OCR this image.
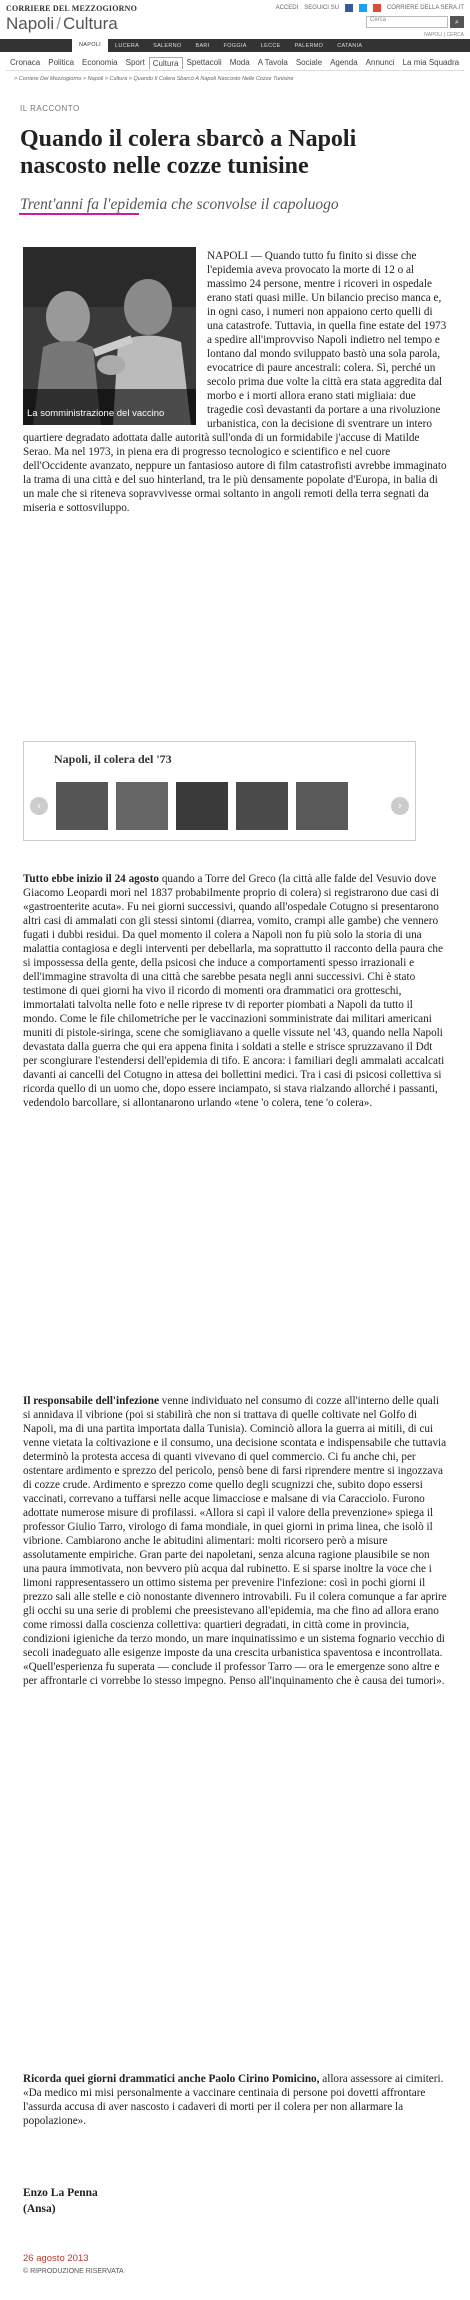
CORRIERE DEL MEZZOGIORNO
Napoli / Cultura
ACCEDI SEGUICI SU	CORRIERE DELLA SERA.IT
Cerca	⌕
NAPOLI | CERCA
NAPOLI	LUCERA	SALERNO	BARI	FOGGIA	LECCE	PALERMO	CATANIA
Cronaca	Politica	Economia	Sport	Cultura	Spettacoli	Moda	A Tavola	Sociale	Agenda	Annunci	La mia Squadra
> Corriere Del Mezzogiorno > Napoli > Cultura > Quando Il Colera Sbarcò A Napoli Nascosto Nelle Cozze Tunisine
IL RACCONTO
Quando il colera sbarcò a Napoli nascosto nelle cozze tunisine
Trent'anni fa l'epidemia che sconvolse il capoluogo
La somministrazione del vaccino
NAPOLI — Quando tutto fu finito si disse che l'epidemia aveva provocato la morte di 12 o al massimo 24 persone, mentre i ricoveri in ospedale erano stati quasi mille. Un bilancio preciso manca e, in ogni caso, i numeri non appaiono certo quelli di una catastrofe. Tuttavia, in quella fine estate del 1973 a spedire all'improvviso Napoli indietro nel tempo e lontano dal mondo sviluppato bastò una sola parola, evocatrice di paure ancestrali: colera. Sì, perché un secolo prima due volte la città era stata aggredita dal morbo e i morti allora erano stati migliaia: due tragedie così devastanti da portare a una rivoluzione urbanistica, con la decisione di sventrare un intero quartiere degradato adottata dalle autorità sull'onda di un formidabile j'accuse di Matilde Serao. Ma nel 1973, in piena era di progresso tecnologico e scientifico e nel cuore dell'Occidente avanzato, neppure un fantasioso autore di film catastrofisti avrebbe immaginato la trama di una città e del suo hinterland, tra le più densamente popolate d'Europa, in balia di un male che si riteneva sopravvivesse ormai soltanto in angoli remoti della terra segnati da miseria e sottosviluppo.
Napoli, il colera del '73
‹	›
Tutto ebbe inizio il 24 agosto quando a Torre del Greco (la città alle falde del Vesuvio dove Giacomo Leopardi morì nel 1837 probabilmente proprio di colera) si registrarono due casi di «gastroenterite acuta». Fu nei giorni successivi, quando all'ospedale Cotugno si presentarono altri casi di ammalati con gli stessi sintomi (diarrea, vomito, crampi alle gambe) che vennero fugati i dubbi residui. Da quel momento il colera a Napoli non fu più solo la storia di una malattia contagiosa e degli interventi per debellarla, ma soprattutto il racconto della paura che si impossessa della gente, della psicosi che induce a comportamenti spesso irrazionali e dell'immagine stravolta di una città che sarebbe pesata negli anni successivi. Chi è stato testimone di quei giorni ha vivo il ricordo di momenti ora drammatici ora grotteschi, immortalati talvolta nelle foto e nelle riprese tv di reporter piombati a Napoli da tutto il mondo. Come le file chilometriche per le vaccinazioni somministrate dai militari americani muniti di pistole-siringa, scene che somigliavano a quelle vissute nel '43, quando nella Napoli devastata dalla guerra che qui era appena finita i soldati a stelle e strisce spruzzavano il Ddt per scongiurare l'estendersi dell'epidemia di tifo. E ancora: i familiari degli ammalati accalcati davanti ai cancelli del Cotugno in attesa dei bollettini medici. Tra i casi di psicosi collettiva si ricorda quello di un uomo che, dopo essere inciampato, si stava rialzando allorché i passanti, vedendolo barcollare, si allontanarono urlando «tene 'o colera, tene 'o colera».
Il responsabile dell'infezione venne individuato nel consumo di cozze all'interno delle quali si annidava il vibrione (poi si stabilirà che non si trattava di quelle coltivate nel Golfo di Napoli, ma di una partita importata dalla Tunisia). Cominciò allora la guerra ai mitili, di cui venne vietata la coltivazione e il consumo, una decisione scontata e indispensabile che tuttavia determinò la protesta accesa di quanti vivevano di quel commercio. Ci fu anche chi, per ostentare ardimento e sprezzo del pericolo, pensò bene di farsi riprendere mentre si ingozzava di cozze crude. Ardimento e sprezzo come quello degli scugnizzi che, subito dopo essersi vaccinati, correvano a tuffarsi nelle acque limacciose e malsane di via Caracciolo. Furono adottate numerose misure di profilassi. «Allora si capì il valore della prevenzione» spiega il professor Giulio Tarro, virologo di fama mondiale, in quei giorni in prima linea, che isolò il vibrione. Cambiarono anche le abitudini alimentari: molti ricorsero però a misure assolutamente empiriche. Gran parte dei napoletani, senza alcuna ragione plausibile se non una paura immotivata, non bevvero più acqua dal rubinetto. E si sparse inoltre la voce che i limoni rappresentassero un ottimo sistema per prevenire l'infezione: così in pochi giorni il prezzo sali alle stelle e ciò nonostante divennero introvabili. Fu il colera comunque a far aprire gli occhi su una serie di problemi che preesistevano all'epidemia, ma che fino ad allora erano come rimossi dalla coscienza collettiva: quartieri degradati, in città come in provincia, condizioni igieniche da terzo mondo, un mare inquinatissimo e un sistema fognario vecchio di secoli inadeguato alle esigenze imposte da una crescita urbanistica spaventosa e incontrollata. «Quell'esperienza fu superata — conclude il professor Tarro — ora le emergenze sono altre e per affrontarle ci vorrebbe lo stesso impegno. Penso all'inquinamento che è causa dei tumori».
Ricorda quei giorni drammatici anche Paolo Cirino Pomicino, allora assessore ai cimiteri. «Da medico mi misi personalmente a vaccinare centinaia di persone poi dovetti affrontare l'assurda accusa di aver nascosto i cadaveri di morti per il colera per non allarmare la popolazione».
Enzo La Penna
(Ansa)
26 agosto 2013
© RIPRODUZIONE RISERVATA
